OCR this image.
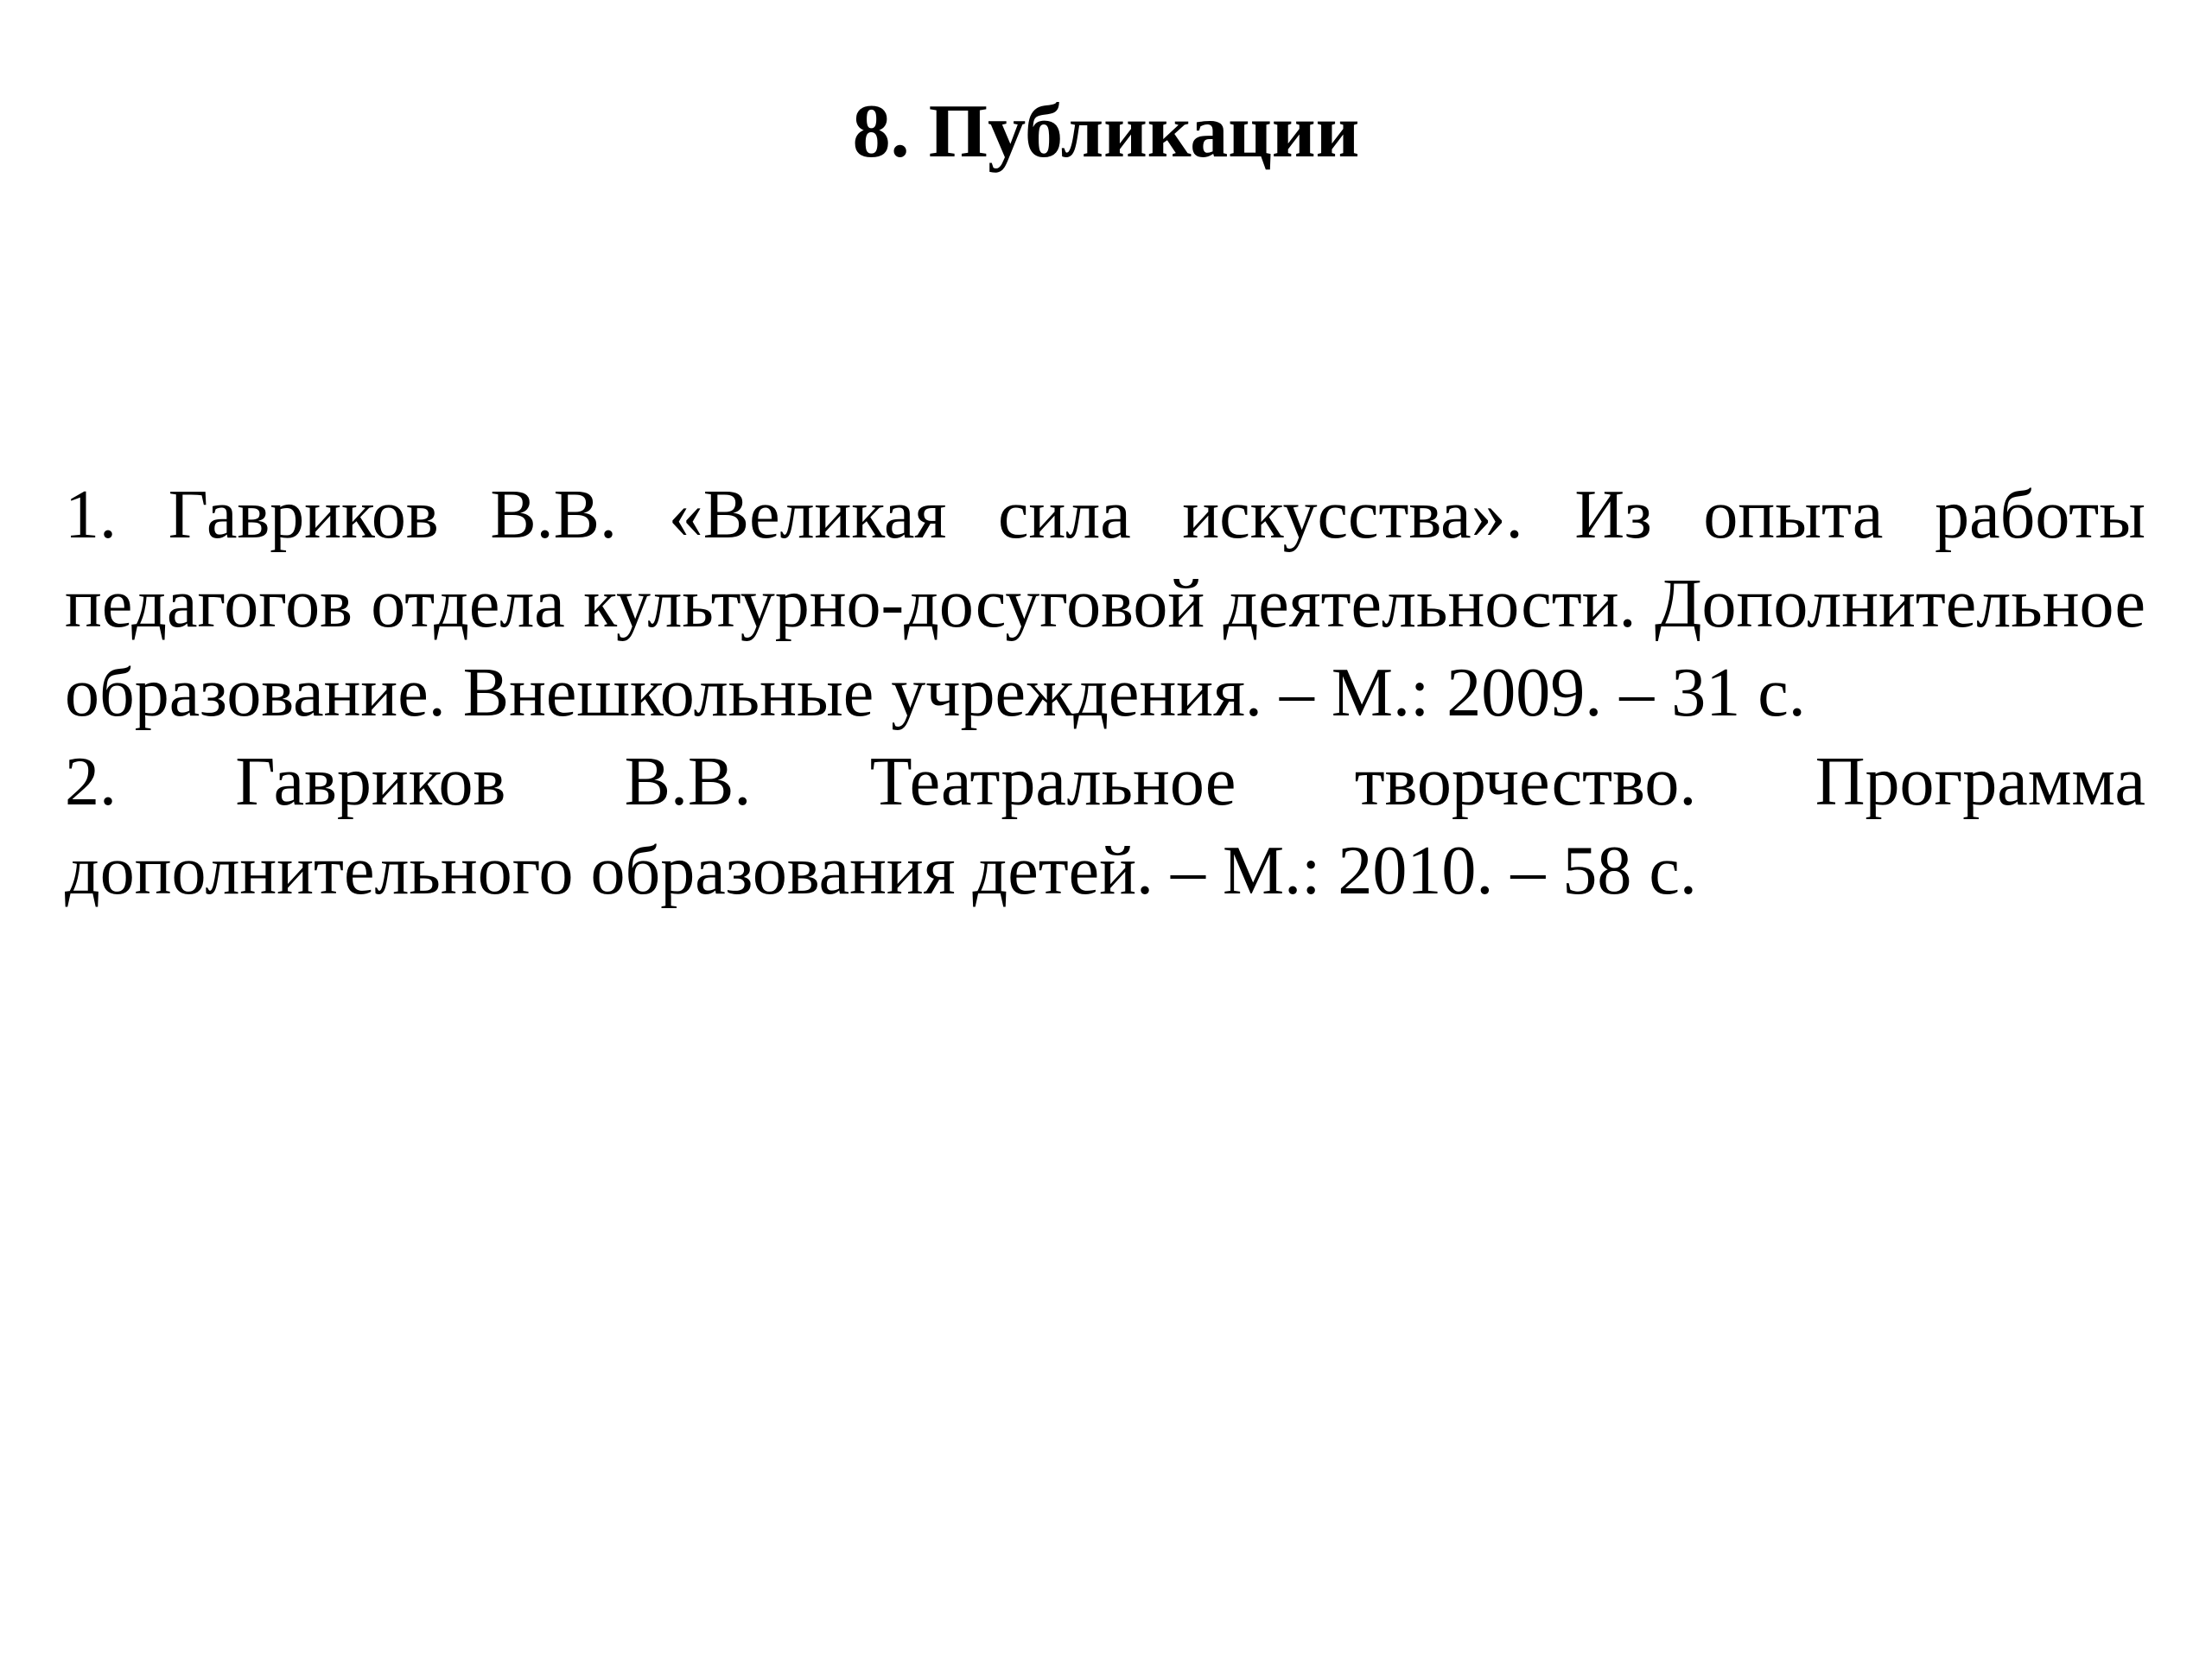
8. Публикации
1. Гавриков В.В. «Великая сила искусства». Из опыта работы педагогов отдела культурно-досуговой деятельности. Дополнительное образование. Внешкольные учреждения. – М.: 2009. – 31 с.
2. Гавриков В.В. Театральное творчество. Программа дополнительного образования детей. – М.: 2010. – 58 с.
